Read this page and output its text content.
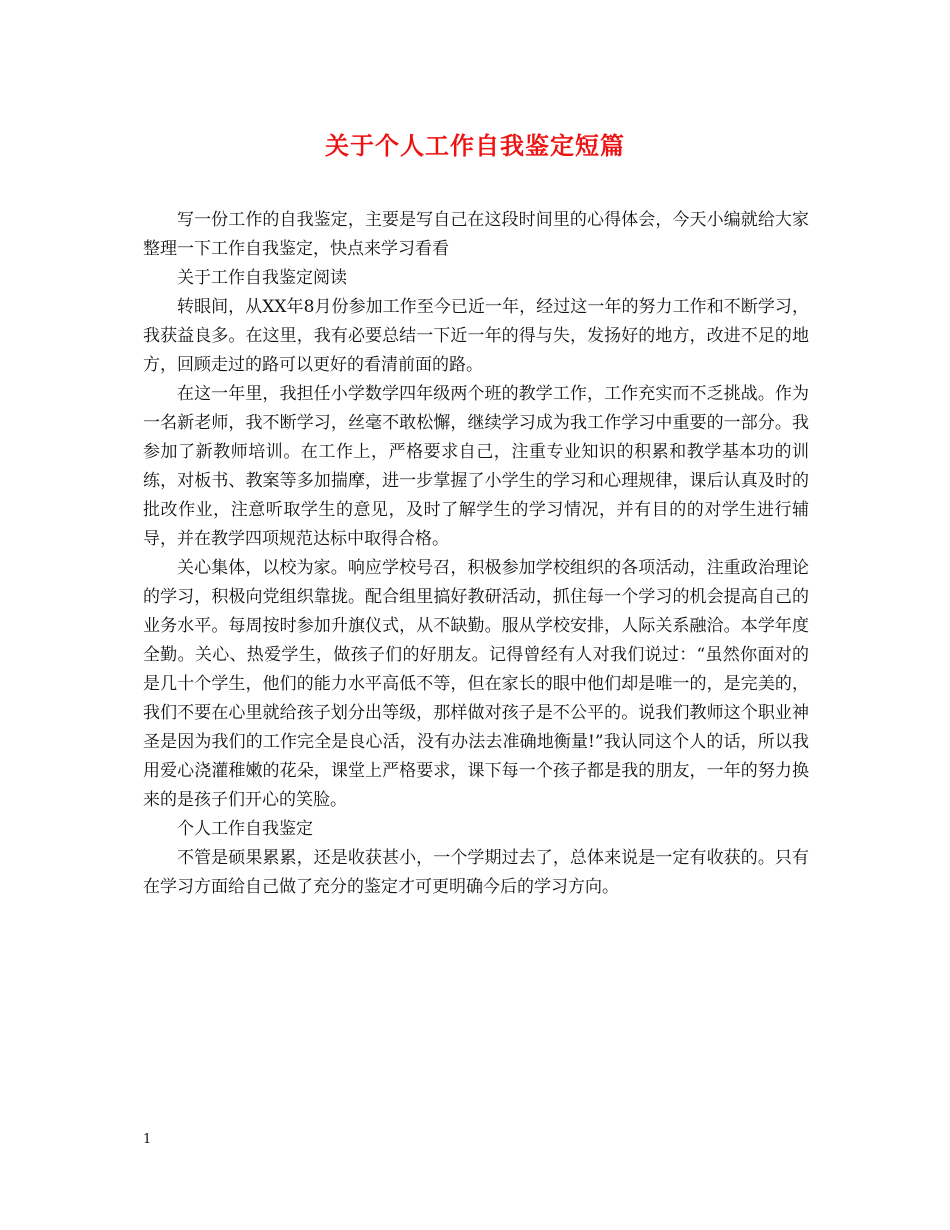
关于个人工作自我鉴定短篇

写一份工作的自我鉴定，主要是写自己在这段时间里的心得体会，今天小编就给大家整理一下工作自我鉴定，快点来学习看看

关于工作自我鉴定阅读

转眼间，从XX年8月份参加工作至今已近一年，经过这一年的努力工作和不断学习，我获益良多。在这里，我有必要总结一下近一年的得与失，发扬好的地方，改进不足的地方，回顾走过的路可以更好的看清前面的路。

在这一年里，我担任小学数学四年级两个班的教学工作，工作充实而不乏挑战。作为一名新老师，我不断学习，丝毫不敢松懈，继续学习成为我工作学习中重要的一部分。我参加了新教师培训。在工作上，严格要求自己，注重专业知识的积累和教学基本功的训练，对板书、教案等多加揣摩，进一步掌握了小学生的学习和心理规律，课后认真及时的批改作业，注意听取学生的意见，及时了解学生的学习情况，并有目的的对学生进行辅导，并在教学四项规范达标中取得合格。

关心集体，以校为家。响应学校号召，积极参加学校组织的各项活动，注重政治理论的学习，积极向党组织靠拢。配合组里搞好教研活动，抓住每一个学习的机会提高自己的业务水平。每周按时参加升旗仪式，从不缺勤。服从学校安排，人际关系融洽。本学年度全勤。关心、热爱学生，做孩子们的好朋友。记得曾经有人对我们说过：“虽然你面对的是几十个学生，他们的能力水平高低不等，但在家长的眼中他们却是唯一的，是完美的，我们不要在心里就给孩子划分出等级，那样做对孩子是不公平的。说我们教师这个职业神圣是因为我们的工作完全是良心活，没有办法去准确地衡量!”我认同这个人的话，所以我用爱心浇灌稚嫩的花朵，课堂上严格要求，课下每一个孩子都是我的朋友，一年的努力换来的是孩子们开心的笑脸。

个人工作自我鉴定

不管是硕果累累，还是收获甚小，一个学期过去了，总体来说是一定有收获的。只有在学习方面给自己做了充分的鉴定才可更明确今后的学习方向。

1
